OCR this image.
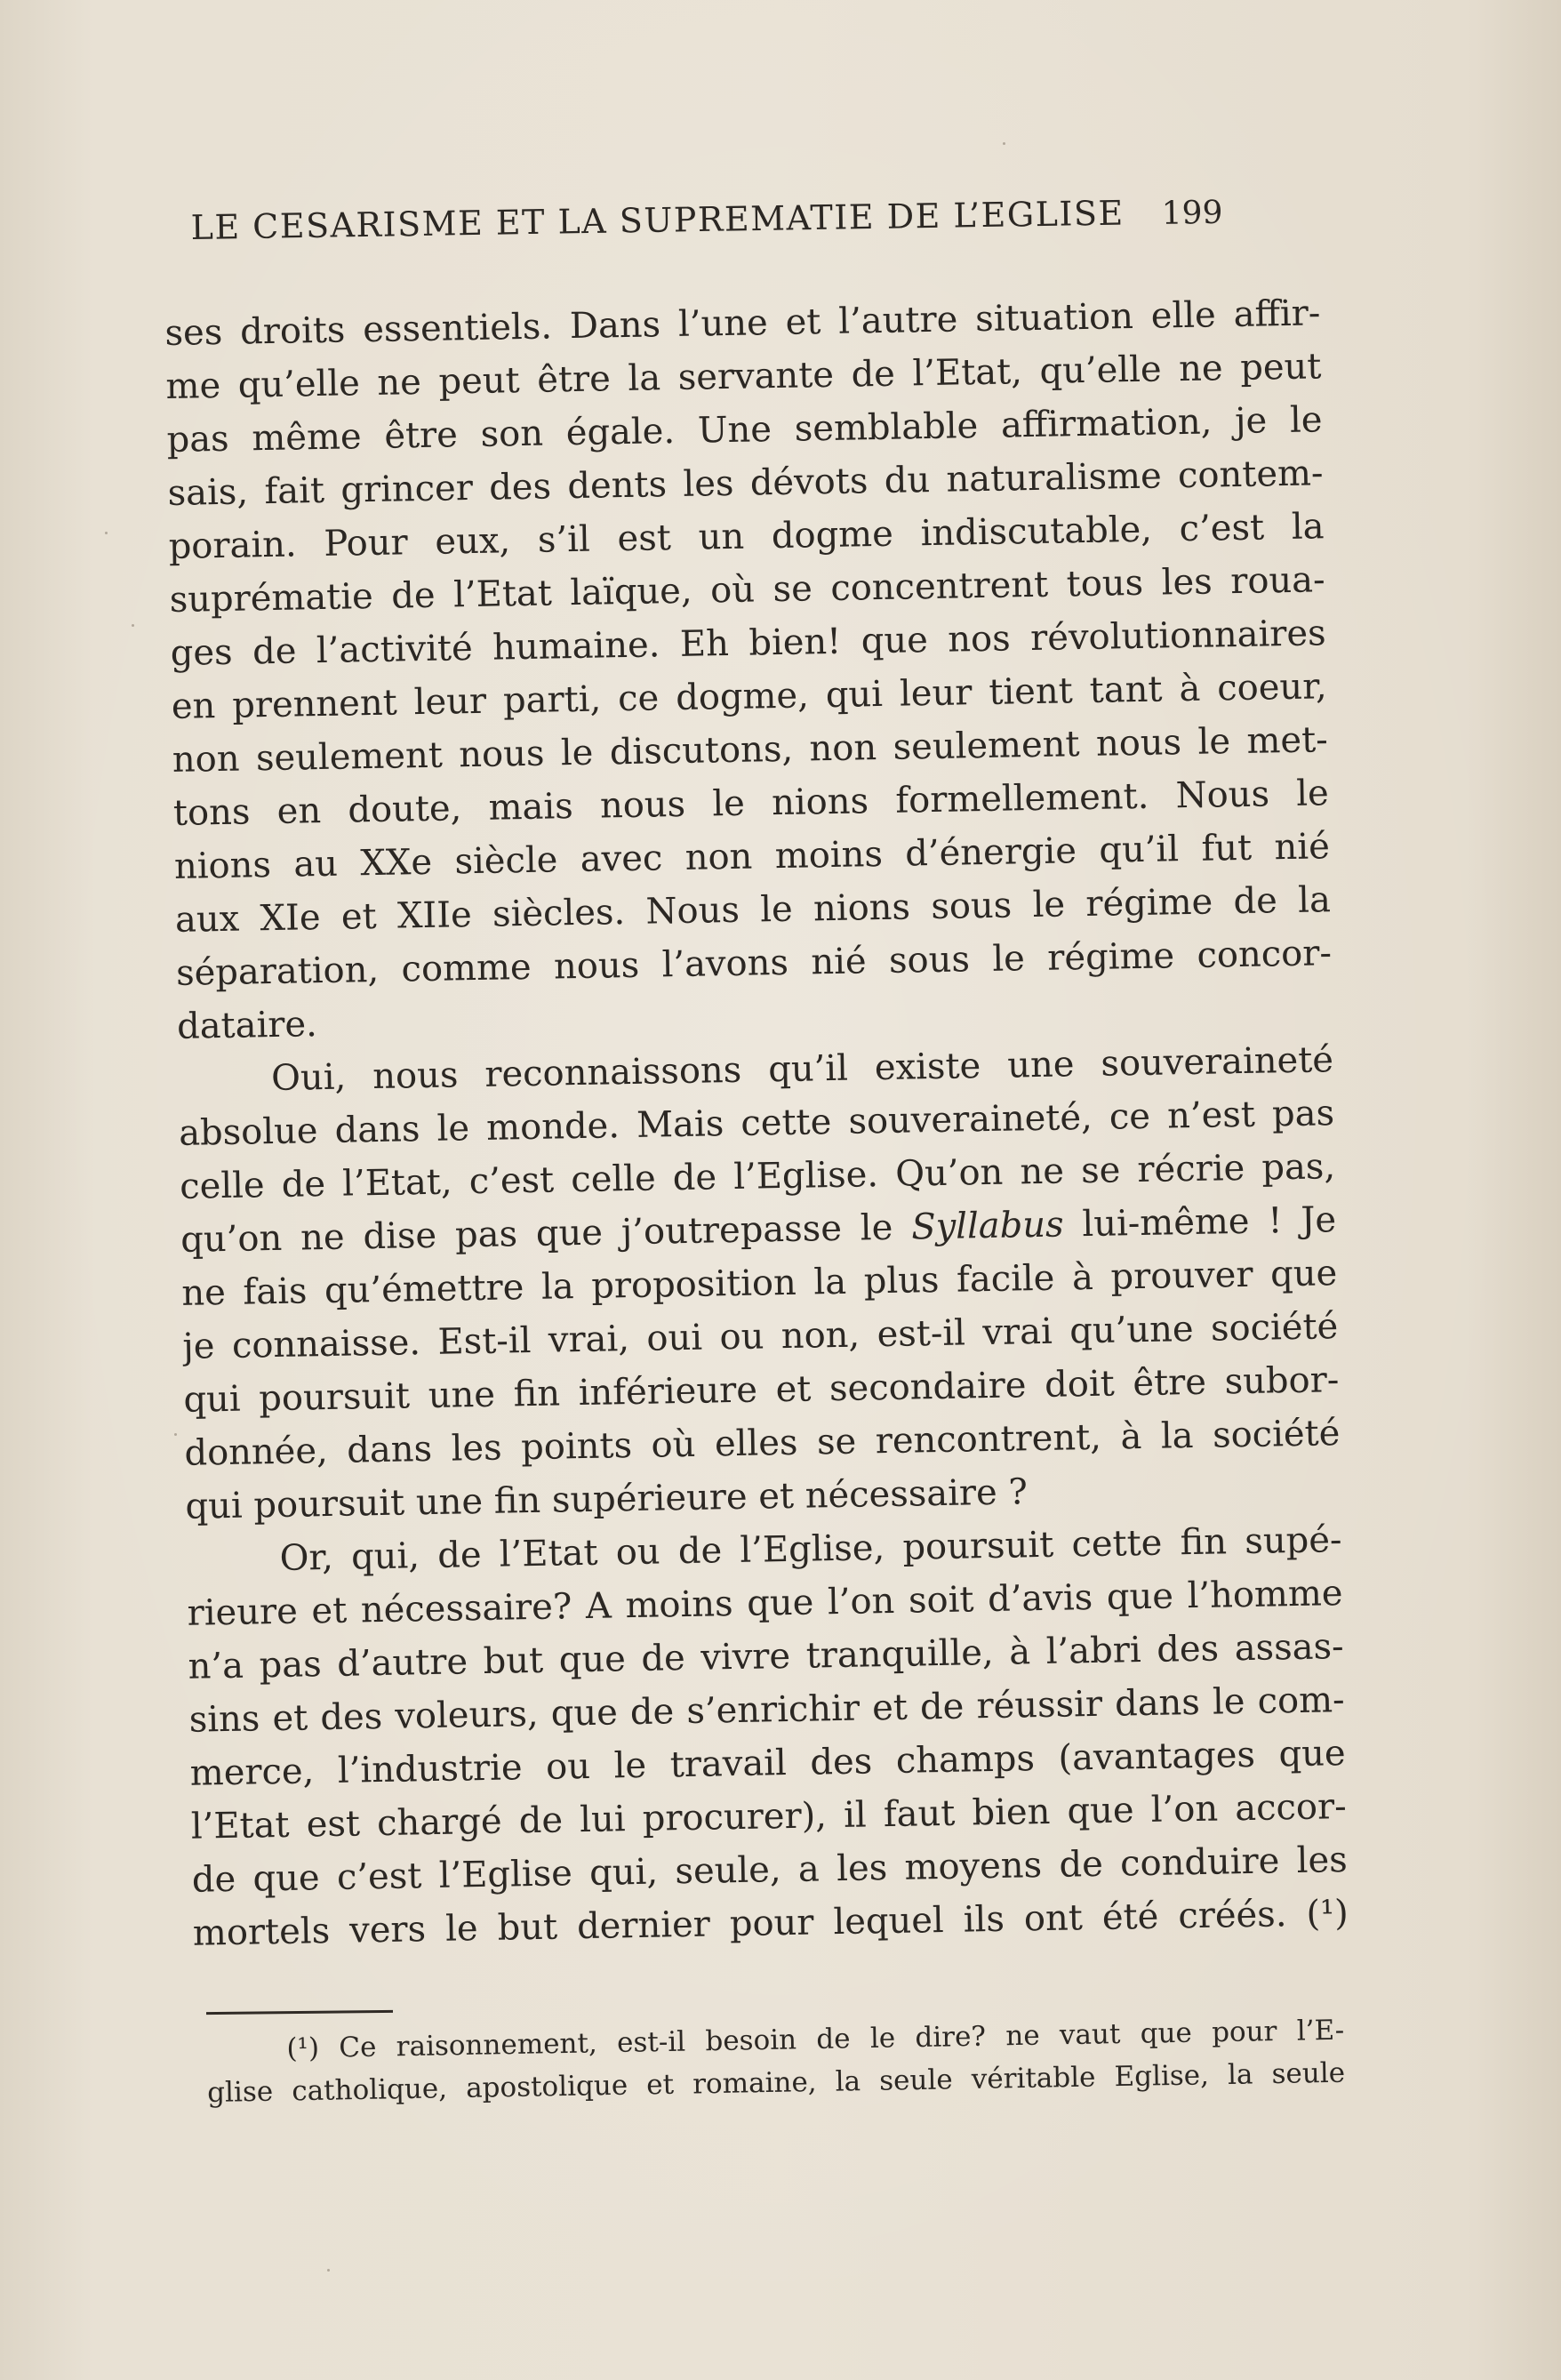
LE CESARISME ET LA SUPREMATIE DE L’EGLISE 199
ses droits essentiels. Dans l’une et l’autre situation elle affir-
me qu’elle ne peut être la servante de l’Etat, qu’elle ne peut
pas même être son égale. Une semblable affirmation, je le
sais, fait grincer des dents les dévots du naturalisme contem-
porain. Pour eux, s’il est un dogme indiscutable, c’est la
suprématie de l’Etat laïque, où se concentrent tous les roua-
ges de l’activité humaine. Eh bien! que nos révolutionnaires
en prennent leur parti, ce dogme, qui leur tient tant à coeur,
non seulement nous le discutons, non seulement nous le met-
tons en doute, mais nous le nions formellement. Nous le
nions au XXe siècle avec non moins d’énergie qu’il fut nié
aux XIe et XIIe siècles. Nous le nions sous le régime de la
séparation, comme nous l’avons nié sous le régime concor-
dataire.
Oui, nous reconnaissons qu’il existe une souveraineté
absolue dans le monde. Mais cette souveraineté, ce n’est pas
celle de l’Etat, c’est celle de l’Eglise. Qu’on ne se récrie pas,
qu’on ne dise pas que j’outrepasse le Syllabus lui-même ! Je
ne fais qu’émettre la proposition la plus facile à prouver que
je connaisse. Est-il vrai, oui ou non, est-il vrai qu’une société
qui poursuit une fin inférieure et secondaire doit être subor-
donnée, dans les points où elles se rencontrent, à la société
qui poursuit une fin supérieure et nécessaire ?
Or, qui, de l’Etat ou de l’Eglise, poursuit cette fin supé-
rieure et nécessaire? A moins que l’on soit d’avis que l’homme
n’a pas d’autre but que de vivre tranquille, à l’abri des assas-
sins et des voleurs, que de s’enrichir et de réussir dans le com-
merce, l’industrie ou le travail des champs (avantages que
l’Etat est chargé de lui procurer), il faut bien que l’on accor-
de que c’est l’Eglise qui, seule, a les moyens de conduire les
mortels vers le but dernier pour lequel ils ont été créés. (¹)
(¹) Ce raisonnement, est-il besoin de le dire? ne vaut que pour l’E-
glise catholique, apostolique et romaine, la seule véritable Eglise, la seule
